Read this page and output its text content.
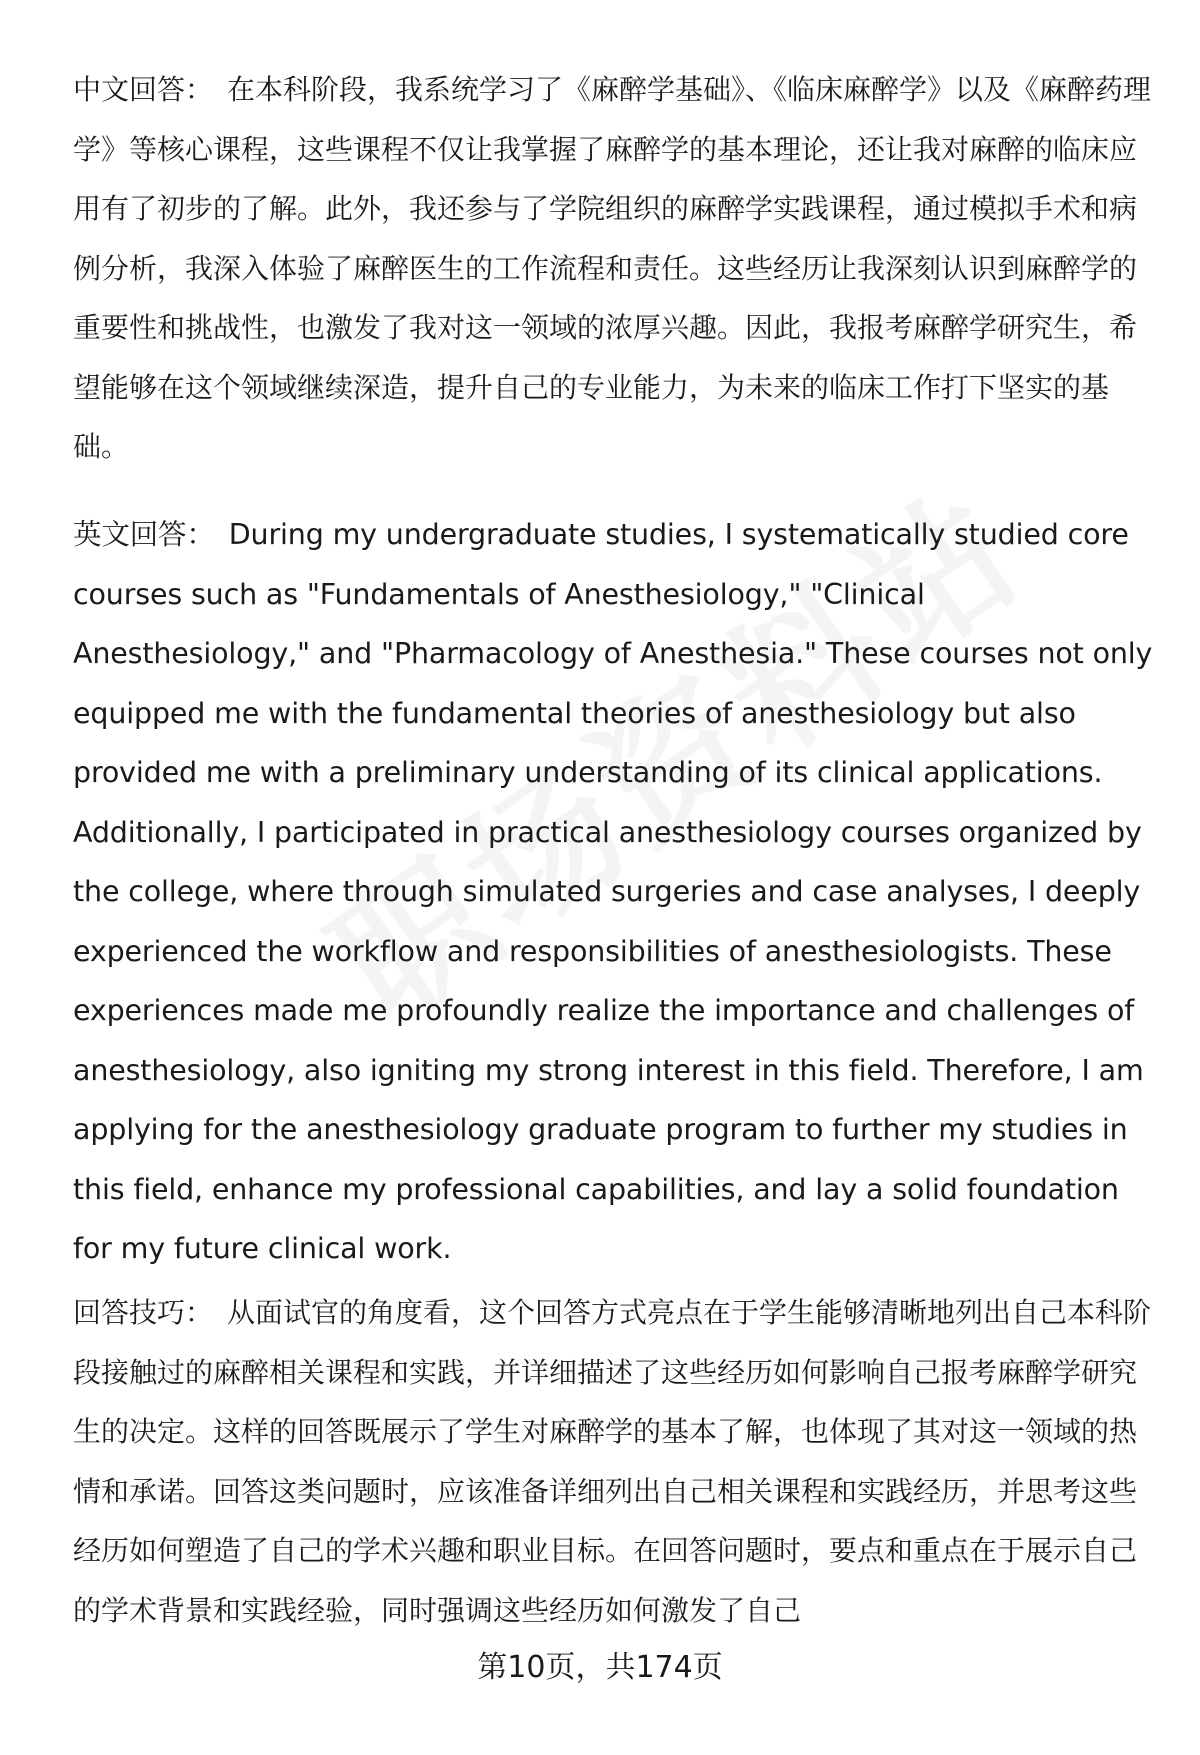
中文回答： 在本科阶段，我系统学习了《麻醉学基础》、《临床麻醉学》以及《麻醉药理学》等核心课程，这些课程不仅让我掌握了麻醉学的基本理论，还让我对麻醉的临床应用有了初步的了解。此外，我还参与了学院组织的麻醉学实践课程，通过模拟手术和病例分析，我深入体验了麻醉医生的工作流程和责任。这些经历让我深刻认识到麻醉学的重要性和挑战性，也激发了我对这一领域的浓厚兴趣。因此，我报考麻醉学研究生，希望能够在这个领域继续深造，提升自己的专业能力，为未来的临床工作打下坚实的基础。

英文回答： During my undergraduate studies, I systematically studied core courses such as "Fundamentals of Anesthesiology," "Clinical Anesthesiology," and "Pharmacology of Anesthesia." These courses not only equipped me with the fundamental theories of anesthesiology but also provided me with a preliminary understanding of its clinical applications. Additionally, I participated in practical anesthesiology courses organized by the college, where through simulated surgeries and case analyses, I deeply experienced the workflow and responsibilities of anesthesiologists. These experiences made me profoundly realize the importance and challenges of anesthesiology, also igniting my strong interest in this field. Therefore, I am applying for the anesthesiology graduate program to further my studies in this field, enhance my professional capabilities, and lay a solid foundation for my future clinical work.

回答技巧： 从面试官的角度看，这个回答方式亮点在于学生能够清晰地列出自己本科阶段接触过的麻醉相关课程和实践，并详细描述了这些经历如何影响自己报考麻醉学研究生的决定。这样的回答既展示了学生对麻醉学的基本了解，也体现了其对这一领域的热情和承诺。回答这类问题时，应该准备详细列出自己相关课程和实践经历，并思考这些经历如何塑造了自己的学术兴趣和职业目标。在回答问题时，要点和重点在于展示自己的学术背景和实践经验，同时强调这些经历如何激发了自己

第10页，共174页
